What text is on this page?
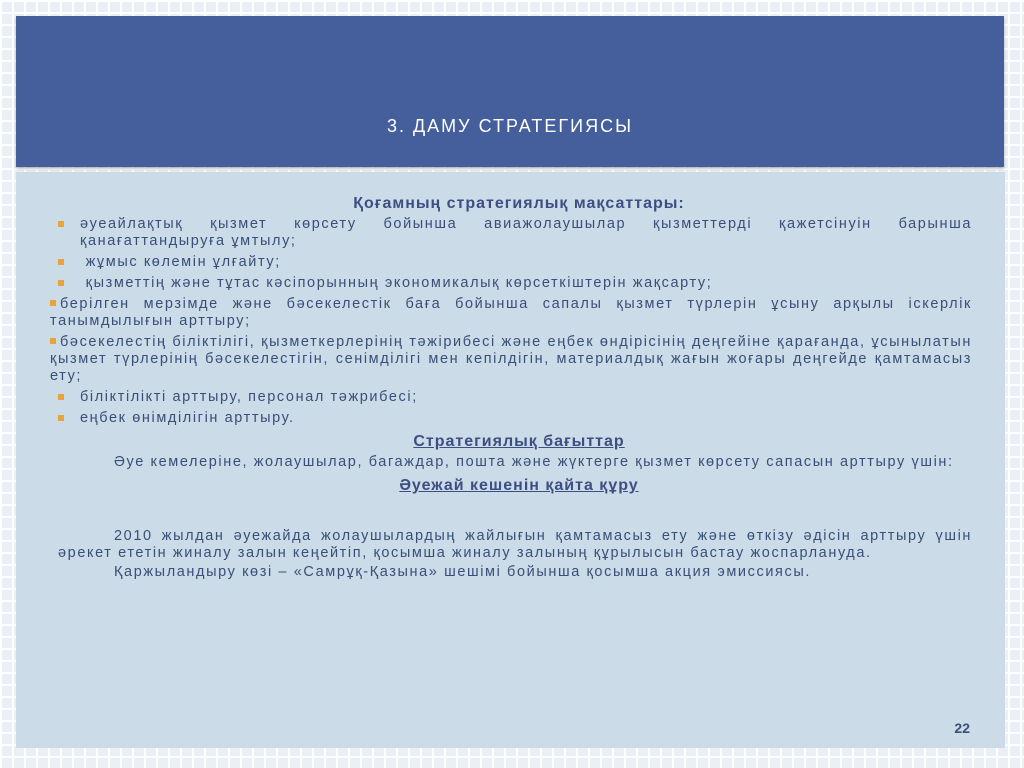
3. ДАМУ СТРАТЕГИЯСЫ
Қоғамның стратегиялық мақсаттары:
әуеайлақтық қызмет көрсету бойынша авиажолаушылар қызметтерді қажетсінуін барынша қанағаттандыруға ұмтылу;
жұмыс көлемін ұлғайту;
қызметтің және тұтас кәсіпорынның экономикалық көрсеткіштерін жақсарту;
берілген мерзімде және бәсекелестік баға бойынша сапалы қызмет түрлерін ұсыну арқылы іскерлік танымдылығын арттыру;
бәсекелестің біліктілігі, қызметкерлерінің тәжірибесі және еңбек өндірісінің деңгейіне қарағанда, ұсынылатын қызмет түрлерінің бәсекелестігін, сенімділігі мен кепілдігін, материалдық жағын жоғары деңгейде қамтамасыз ету;
біліктілікті арттыру, персонал тәжрибесі;
еңбек өнімділігін арттыру.
Стратегиялық бағыттар
Әуе кемелеріне, жолаушылар, багаждар, пошта және жүктерге қызмет көрсету сапасын арттыру үшін:
Әуежай кешенін қайта құру
2010 жылдан әуежайда жолаушылардың жайлығын қамтамасыз ету және өткізу әдісін арттыру үшін әрекет ететін жиналу залын кеңейтіп, қосымша жиналу залының құрылысын бастау жоспарлануда.
Қаржыландыру көзі – «Самрұқ-Қазына» шешімі бойынша қосымша акция эмиссиясы.
22
